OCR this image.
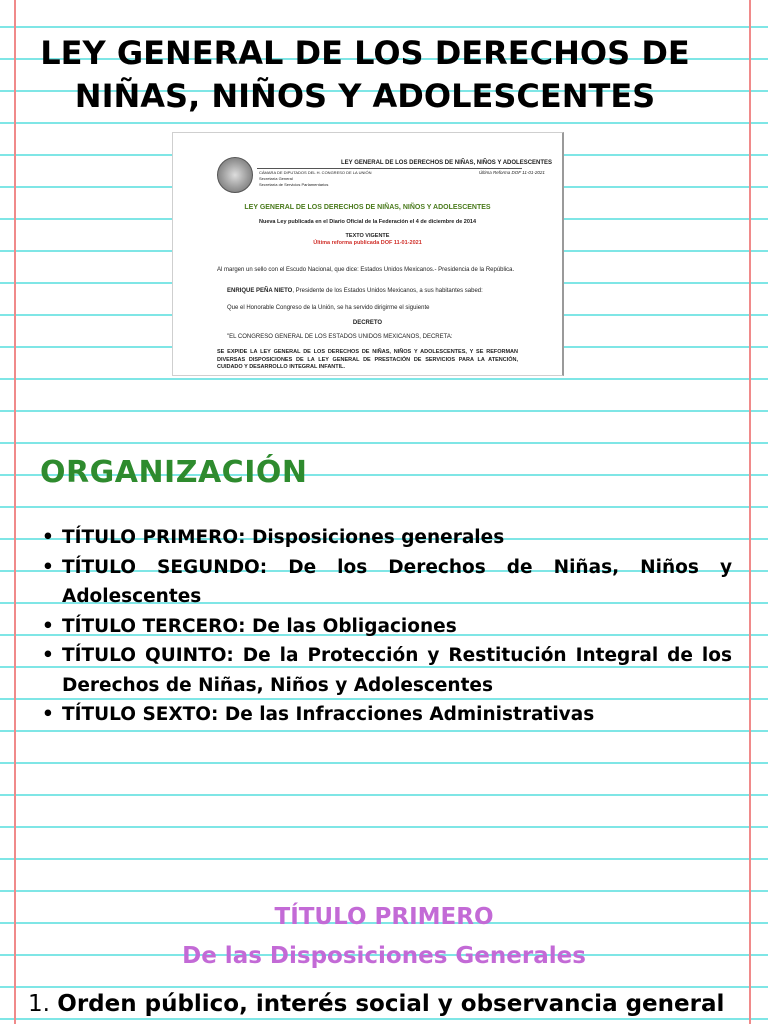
LEY GENERAL DE LOS DERECHOS DE
NIÑAS, NIÑOS Y ADOLESCENTES
LEY GENERAL DE LOS DERECHOS DE NIÑAS, NIÑOS Y ADOLESCENTES
CÁMARA DE DIPUTADOS DEL H. CONGRESO DE LA UNIÓN
Secretaría General
Secretaría de Servicios Parlamentarios
Última Reforma DOF 11-01-2021
LEY GENERAL DE LOS DERECHOS DE NIÑAS, NIÑOS Y ADOLESCENTES
Nueva Ley publicada en el Diario Oficial de la Federación el 4 de diciembre de 2014
TEXTO VIGENTE
Última reforma publicada DOF 11-01-2021
Al margen un sello con el Escudo Nacional, que dice: Estados Unidos Mexicanos.- Presidencia de la República.
ENRIQUE PEÑA NIETO, Presidente de los Estados Unidos Mexicanos, a sus habitantes sabed:
Que el Honorable Congreso de la Unión, se ha servido dirigirme el siguiente
DECRETO
"EL CONGRESO GENERAL DE LOS ESTADOS UNIDOS MEXICANOS, DECRETA:
SE EXPIDE LA LEY GENERAL DE LOS DERECHOS DE NIÑAS, NIÑOS Y ADOLESCENTES, Y SE REFORMAN DIVERSAS DISPOSICIONES DE LA LEY GENERAL DE PRESTACIÓN DE SERVICIOS PARA LA ATENCIÓN, CUIDADO Y DESARROLLO INTEGRAL INFANTIL.
ORGANIZACIÓN
• TÍTULO PRIMERO: Disposiciones generales
• TÍTULO SEGUNDO: De los Derechos de Niñas, Niños y Adolescentes
• TÍTULO TERCERO: De las Obligaciones
• TÍTULO QUINTO: De la Protección y Restitución Integral de los Derechos de Niñas, Niños y Adolescentes
• TÍTULO SEXTO: De las Infracciones Administrativas
TÍTULO PRIMERO
De las Disposiciones Generales
1. Orden público, interés social y observancia general
